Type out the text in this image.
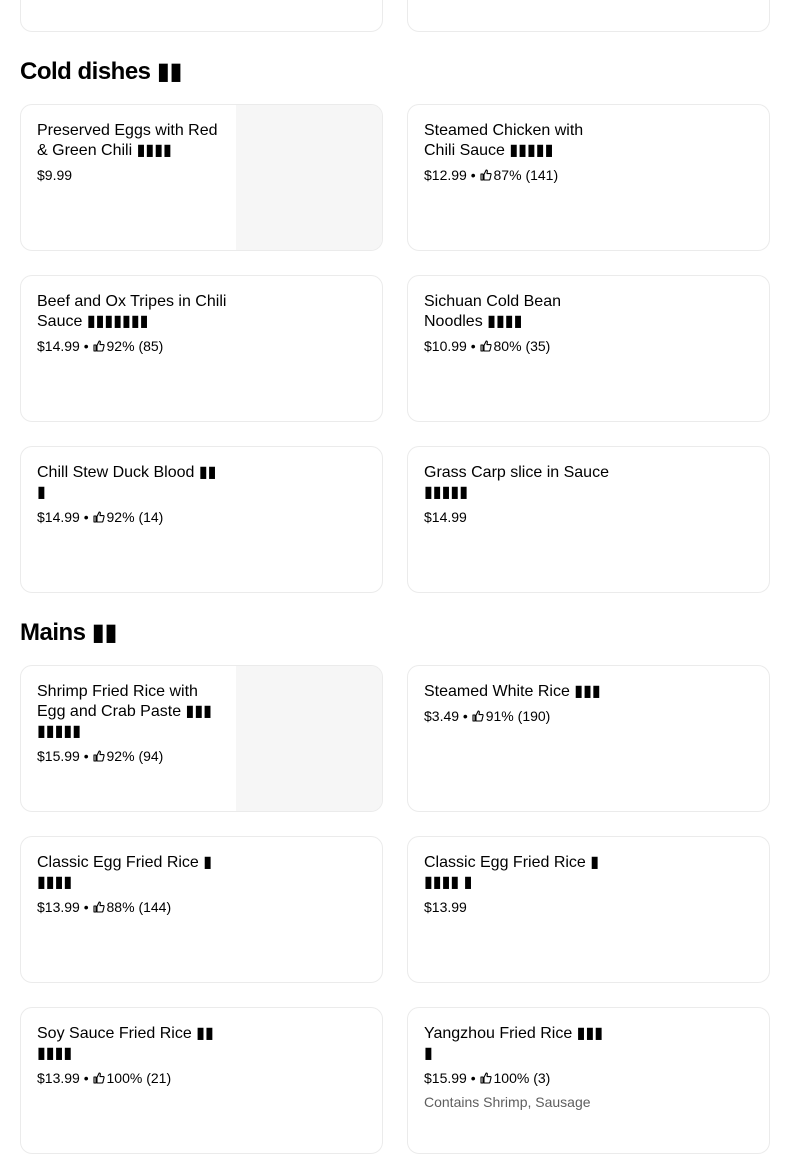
Cold dishes ▮▮
Preserved Eggs with Red & Green Chili ▮▮▮▮
$9.99
Steamed Chicken with Chili Sauce ▮▮▮▮▮
$12.99 • 87% (141)
Beef and Ox Tripes in Chili Sauce ▮▮▮▮▮▮▮
$14.99 • 92% (85)
Sichuan Cold Bean Noodles ▮▮▮▮
$10.99 • 80% (35)
Chill Stew Duck Blood ▮▮ ▮
$14.99 • 92% (14)
Grass Carp slice in Sauce ▮▮▮▮▮
$14.99
Mains ▮▮
Shrimp Fried Rice with Egg and Crab Paste ▮▮▮ ▮▮▮▮▮
$15.99 • 92% (94)
Steamed White Rice ▮▮▮
$3.49 • 91% (190)
Classic Egg Fried Rice ▮ ▮▮▮▮
$13.99 • 88% (144)
Classic Egg Fried Rice ▮ ▮▮▮▮ ▮
$13.99
Soy Sauce Fried Rice ▮▮ ▮▮▮▮
$13.99 • 100% (21)
Yangzhou Fried Rice ▮▮▮ ▮
$15.99 • 100% (3)
Contains Shrimp, Sausage
